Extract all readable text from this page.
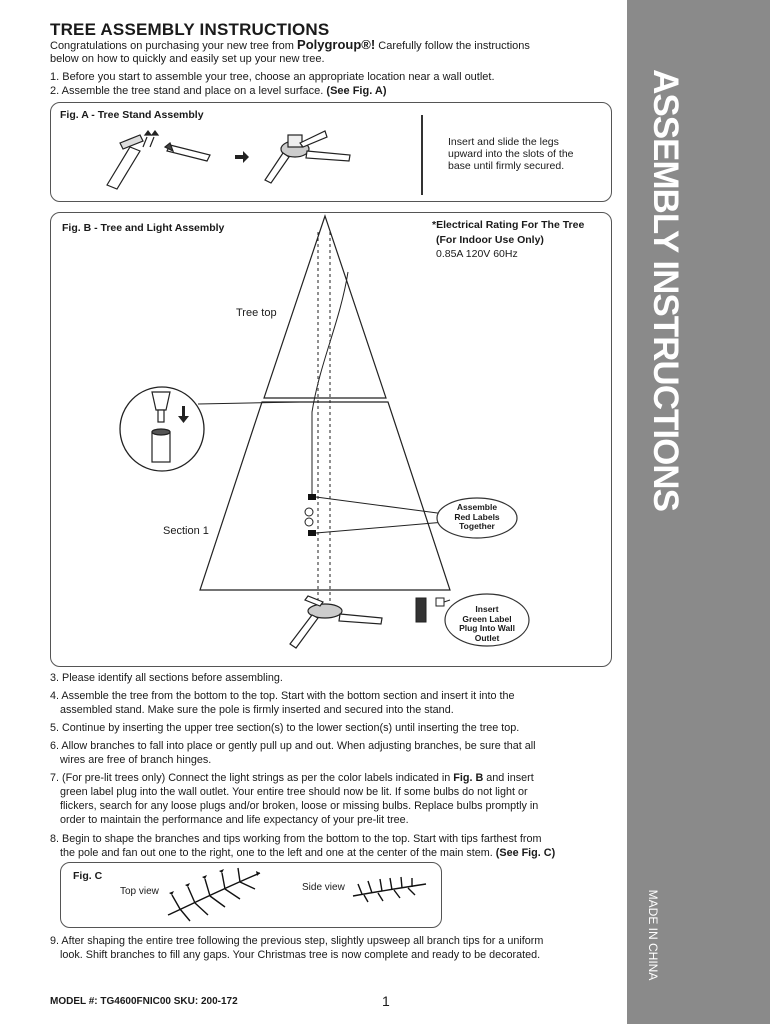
ASSEMBLY INSTRUCTIONS
MADE IN CHINA
TREE ASSEMBLY INSTRUCTIONS
Congratulations on purchasing your new tree from Polygroup®! Carefully follow the instructions
below on how to quickly and easily set up your new tree.
1. Before you start to assemble your tree, choose an appropriate location near a wall outlet.
2. Assemble the tree stand and place on a level surface. (See Fig. A)
Fig. A - Tree Stand Assembly
Insert and slide the legs
upward into the slots of the
base until firmly secured.
Fig. B - Tree and Light Assembly	*Electrical Rating For The Tree
(For Indoor Use Only)
0.85A 120V 60Hz
Tree top
Section 1
Assemble
Red Labels
Together
Insert
Green Label
Plug Into Wall
Outlet
3. Please identify all sections before assembling.
4. Assemble the tree from the bottom to the top. Start with the bottom section and insert it into the
assembled stand. Make sure the pole is firmly inserted and secured into the stand.
5. Continue by inserting the upper tree section(s) to the lower section(s) until inserting the tree top.
6. Allow branches to fall into place or gently pull up and out. When adjusting branches, be sure that all
wires are free of branch hinges.
7. (For pre-lit trees only) Connect the light strings as per the color labels indicated in Fig. B and insert
green label plug into the wall outlet. Your entire tree should now be lit. If some bulbs do not light or
flickers, search for any loose plugs and/or broken, loose or missing bulbs. Replace bulbs promptly in
order to maintain the performance and life expectancy of your pre-lit tree.
8. Begin to shape the branches and tips working from the bottom to the top. Start with tips farthest from
the pole and fan out one to the right, one to the left and one at the center of the main stem. (See Fig. C)
Fig. C
Top view	Side view
9. After shaping the entire tree following the previous step, slightly upsweep all branch tips for a uniform
look. Shift branches to fill any gaps. Your Christmas tree is now complete and ready to be decorated.
MODEL #: TG4600FNIC00 SKU: 200-172	1
